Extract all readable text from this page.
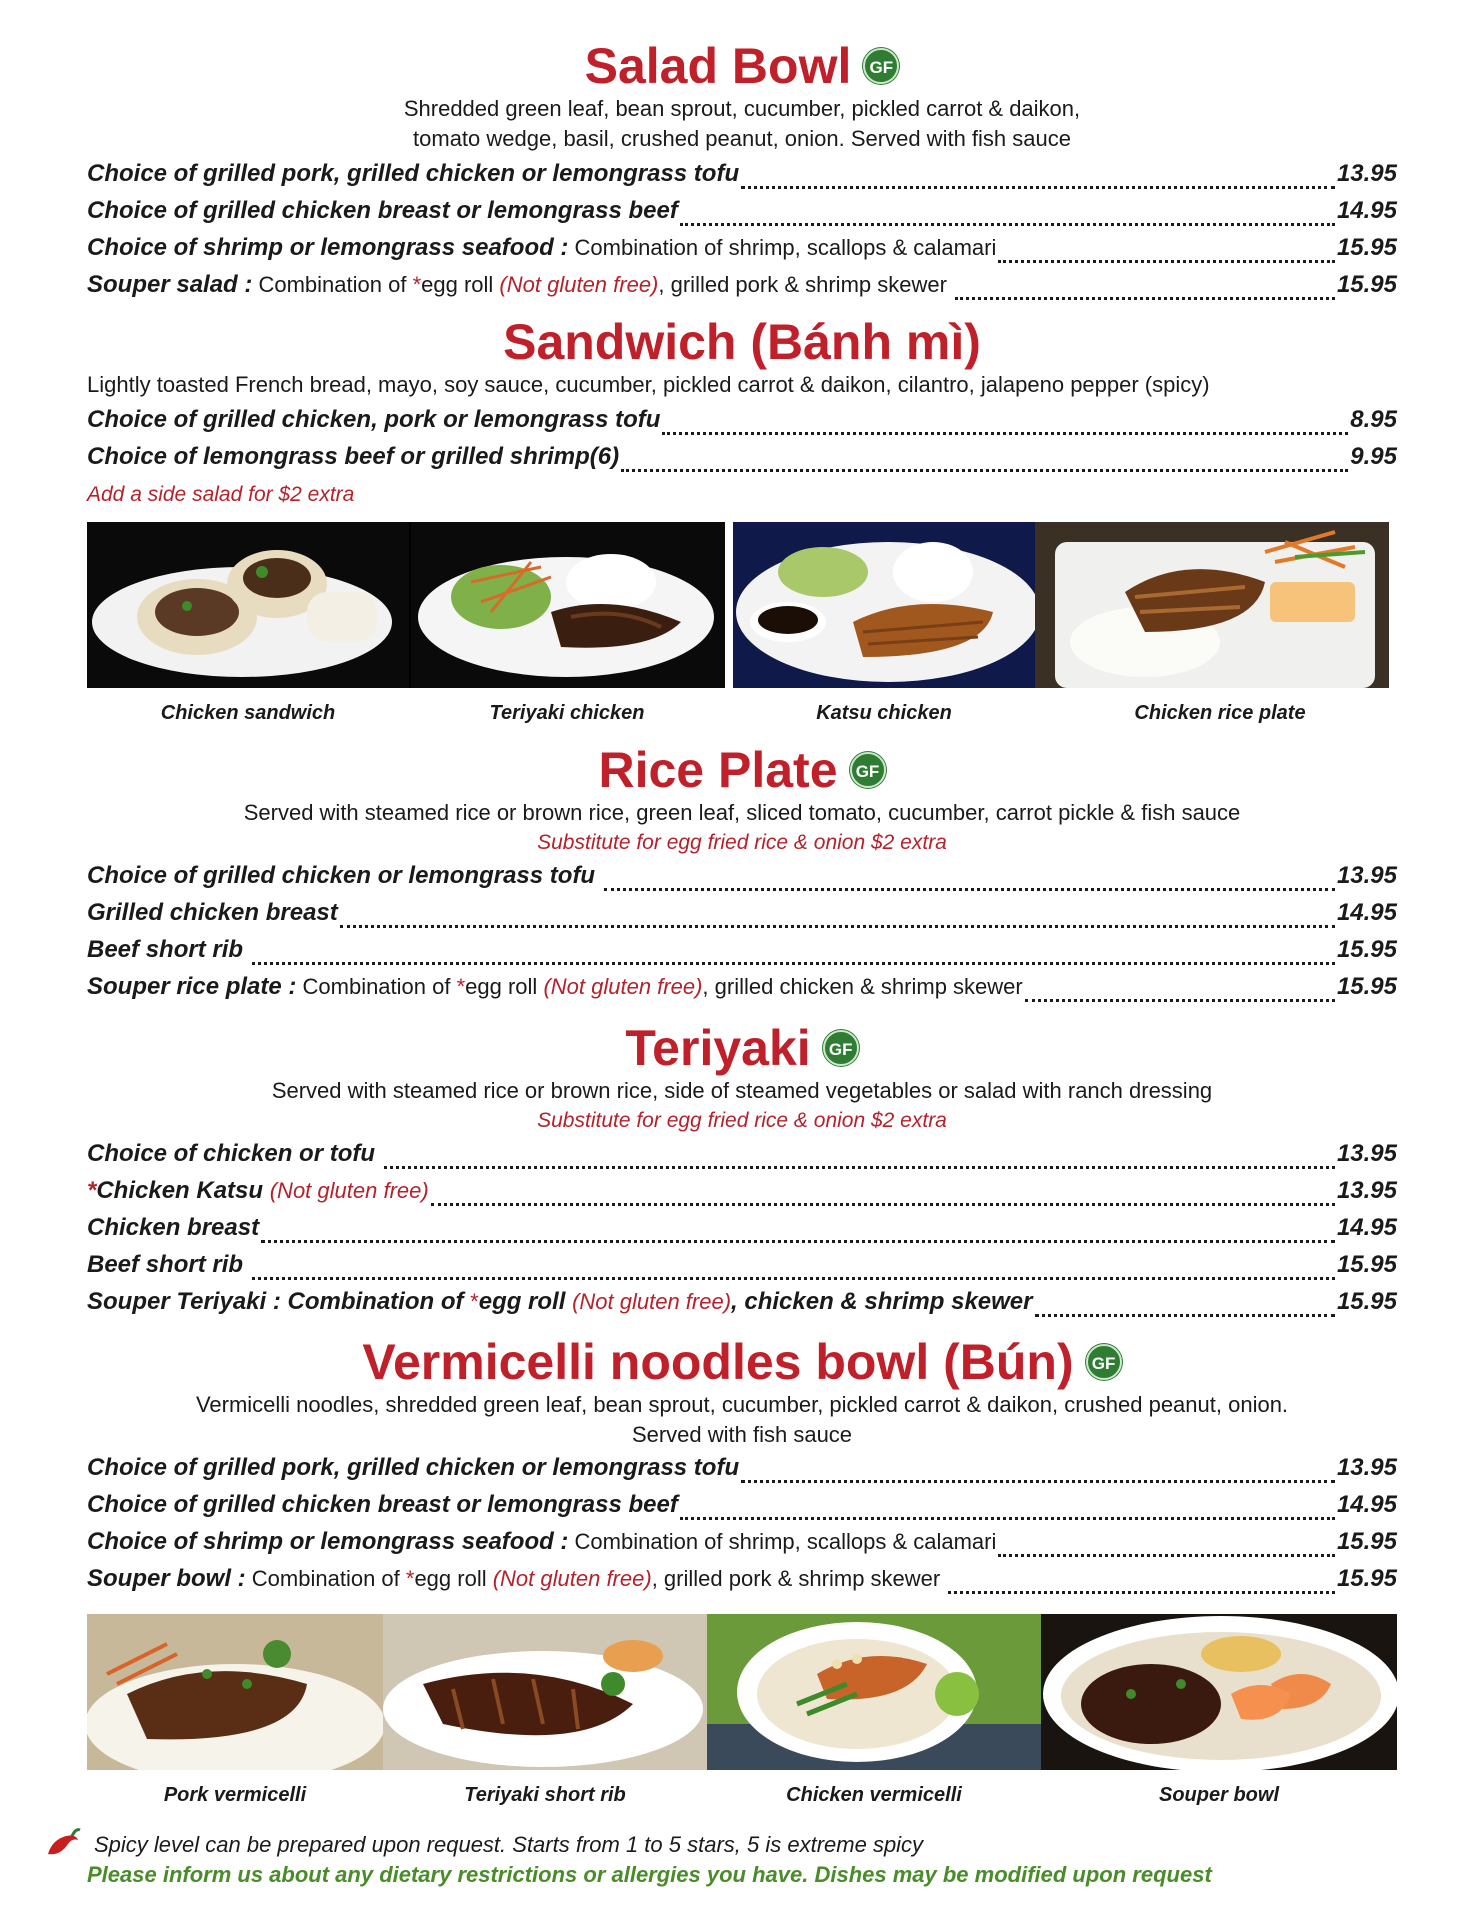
Salad Bowl GF
Shredded green leaf, bean sprout, cucumber, pickled carrot & daikon,
tomato wedge, basil, crushed peanut, onion. Served with fish sauce
Choice of grilled pork, grilled chicken or lemongrass tofu	13.95
Choice of grilled chicken breast or lemongrass beef	14.95
Choice of shrimp or lemongrass seafood : Combination of shrimp, scallops & calamari	15.95
Souper salad : Combination of * egg roll (Not gluten free) , grilled pork & shrimp skewer	15.95
Sandwich (Bánh mì)
Lightly toasted French bread, mayo, soy sauce, cucumber, pickled carrot & daikon, cilantro, jalapeno pepper (spicy)
Choice of grilled chicken, pork or lemongrass tofu	8.95
Choice of lemongrass beef or grilled shrimp(6)	9.95
Add a side salad for $2 extra
Chicken sandwich	Teriyaki chicken	Katsu chicken	Chicken rice plate
Rice Plate GF
Served with steamed rice or brown rice, green leaf, sliced tomato, cucumber, carrot pickle & fish sauce
Substitute for egg fried rice & onion $2 extra
Choice of grilled chicken or lemongrass tofu	13.95
Grilled chicken breast	14.95
Beef short rib	15.95
Souper rice plate : Combination of * egg roll (Not gluten free) , grilled chicken & shrimp skewer	15.95
Teriyaki GF
Served with steamed rice or brown rice, side of steamed vegetables or salad with ranch dressing
Substitute for egg fried rice & onion $2 extra
Choice of chicken or tofu	13.95
* Chicken Katsu (Not gluten free)	13.95
Chicken breast	14.95
Beef short rib	15.95
Souper Teriyaki : Combination of * egg roll (Not gluten free) , chicken & shrimp skewer	15.95
Vermicelli noodles bowl (Bún) GF
Vermicelli noodles, shredded green leaf, bean sprout, cucumber, pickled carrot & daikon, crushed peanut, onion.
Served with fish sauce
Choice of grilled pork, grilled chicken or lemongrass tofu	13.95
Choice of grilled chicken breast or lemongrass beef	14.95
Choice of shrimp or lemongrass seafood : Combination of shrimp, scallops & calamari	15.95
Souper bowl : Combination of * egg roll (Not gluten free) , grilled pork & shrimp skewer	15.95
Pork vermicelli	Teriyaki short rib	Chicken vermicelli	Souper bowl
Spicy level can be prepared upon request. Starts from 1 to 5 stars, 5 is extreme spicy
Please inform us about any dietary restrictions or allergies you have. Dishes may be modified upon request
